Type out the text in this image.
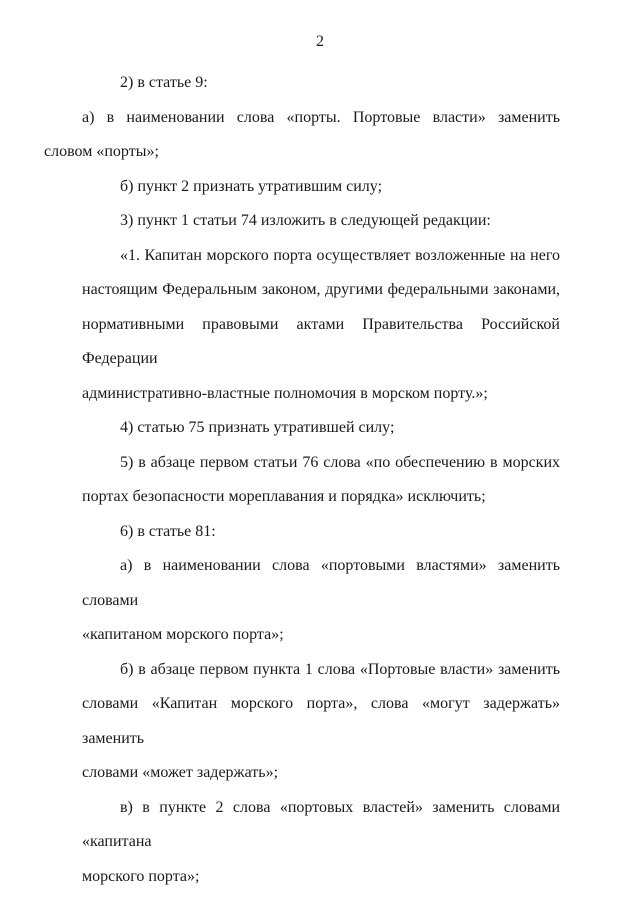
2

2) в статье 9:

а) в наименовании слова «порты. Портовые власти» заменить
словом «порты»;

б) пункт 2 признать утратившим силу;

3) пункт 1 статьи 74 изложить в следующей редакции:

«1. Капитан морского порта осуществляет возложенные на него
настоящим Федеральным законом, другими федеральными законами,
нормативными правовыми актами Правительства Российской Федерации
административно-властные полномочия в морском порту.»;

4) статью 75 признать утратившей силу;

5) в абзаце первом статьи 76 слова «по обеспечению в морских
портах безопасности мореплавания и порядка» исключить;

6) в статье 81:

а) в наименовании слова «портовыми властями» заменить словами
«капитаном морского порта»;

б) в абзаце первом пункта 1 слова «Портовые власти» заменить
словами «Капитан морского порта», слова «могут задержать» заменить
словами «может задержать»;

в) в пункте 2 слова «портовых властей» заменить словами «капитана
морского порта»;
